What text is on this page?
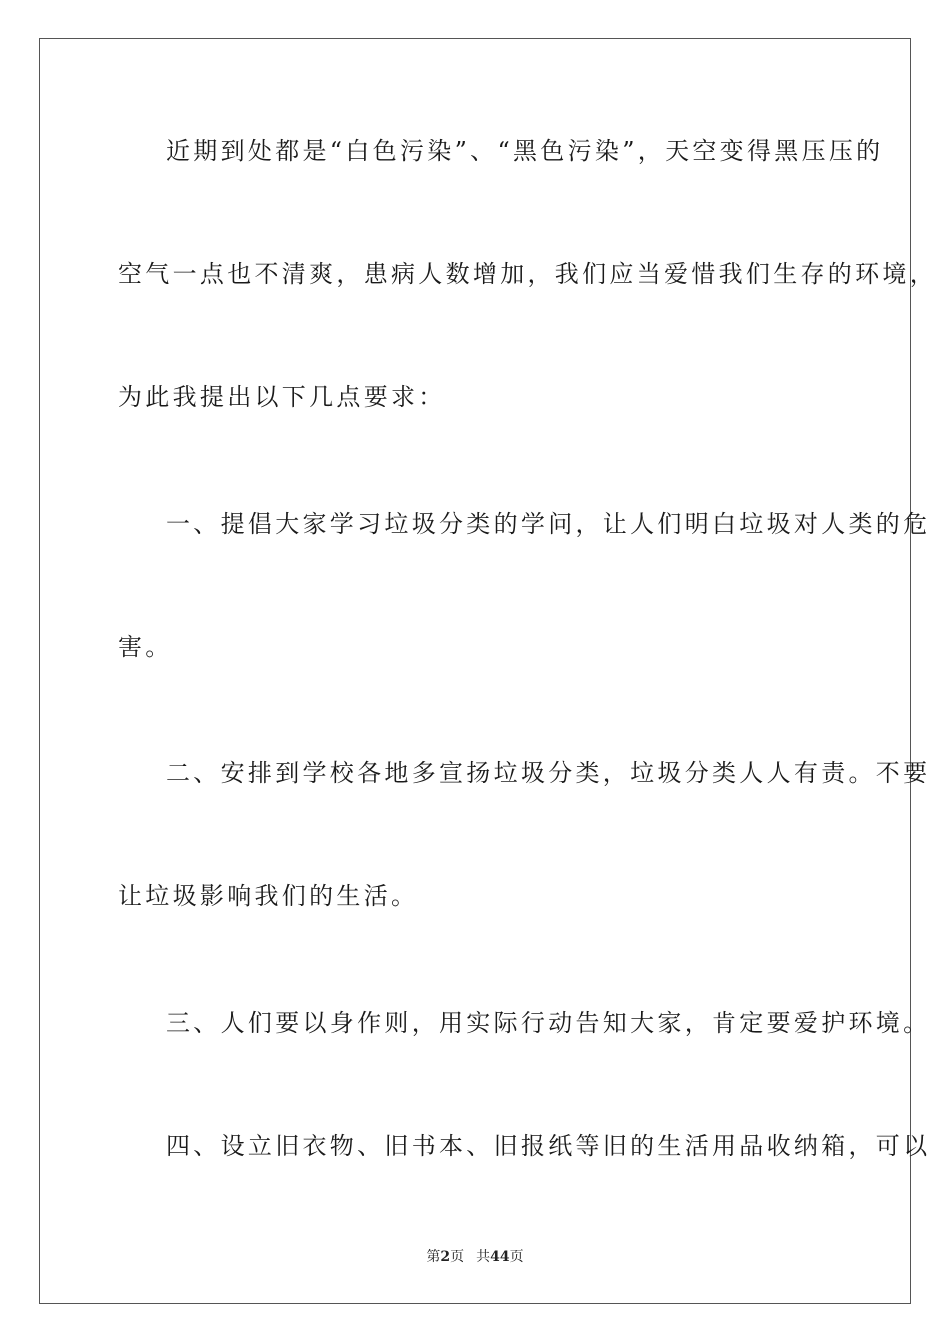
近期到处都是“白色污染”、“黑色污染”，天空变得黑压压的
空气一点也不清爽，患病人数增加，我们应当爱惜我们生存的环境，
为此我提出以下几点要求：
一、提倡大家学习垃圾分类的学问，让人们明白垃圾对人类的危
害。
二、安排到学校各地多宣扬垃圾分类，垃圾分类人人有责。不要
让垃圾影响我们的生活。
三、人们要以身作则，用实际行动告知大家，肯定要爱护环境。
四、设立旧衣物、旧书本、旧报纸等旧的生活用品收纳箱，可以
第2页 共44页
